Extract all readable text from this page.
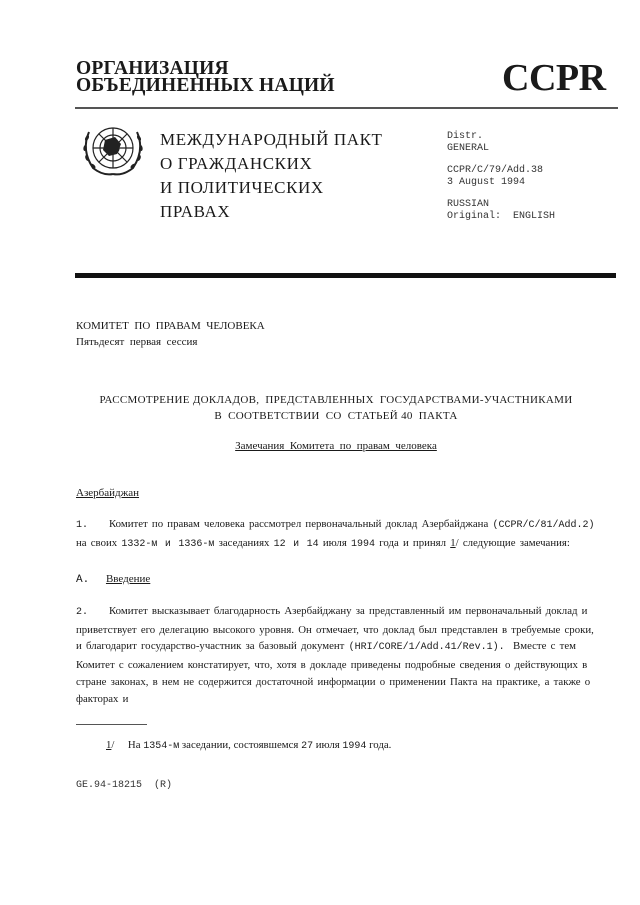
ОРГАНИЗАЦИЯ
ОБЪЕДИНЕННЫХ НАЦИЙ	CCPR
МЕЖДУНАРОДНЫЙ ПАКТ
О ГРАЖДАНСКИХ
И ПОЛИТИЧЕСКИХ
ПРАВАХ
Distr.
GENERAL
CCPR/C/79/Add.38
3 August 1994
RUSSIAN
Original:  ENGLISH
КОМИТЕТ  ПО  ПРАВАМ  ЧЕЛОВЕКА
Пятьдесят  первая  сессия
РАССМОТРЕНИЕ ДОКЛАДОВ,  ПРЕДСТАВЛЕННЫХ  ГОСУДАРСТВАМИ-УЧАСТНИКАМИ
В  СООТВЕТСТВИИ  СО  СТАТЬЕЙ 40  ПАКТА
Замечания  Комитета  по  правам  человека
Азербайджан
1. Комитет по правам человека рассмотрел первоначальный доклад Азербайджана (CCPR/C/81/Add.2) на своих 1332-м и 1336-м заседаниях 12 и 14 июля 1994 года и принял 1/ следующие замечания:
A. Введение
2. Комитет высказывает благодарность Азербайджану за представленный им первоначальный доклад и приветствует его делегацию высокого уровня. Он отмечает, что доклад был представлен в требуемые сроки, и благодарит государство-участник за базовый документ (HRI/CORE/1/Add.41/Rev.1). Вместе с тем Комитет с сожалением констатирует, что, хотя в докладе приведены подробные сведения о действующих в стране законах, в нем не содержится достаточной информации о применении Пакта на практике, а также о факторах и
1/ На 1354-м заседании, состоявшемся 27 июля 1994 года.
GE.94-18215  (R)
